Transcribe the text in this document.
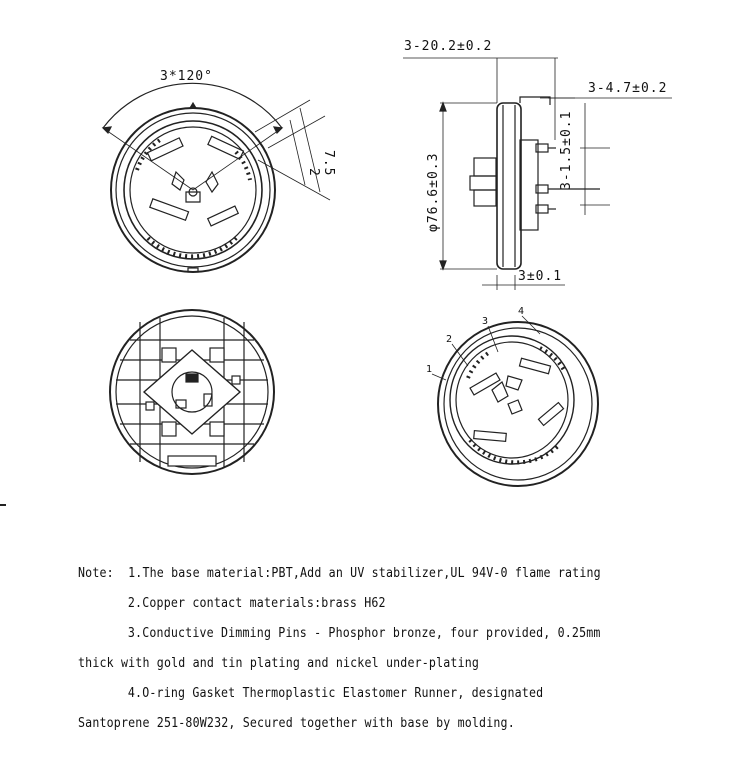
3*120°
7.5
2
3-20.2±0.2
3-4.7±0.2
3-1.5±0.1
φ76.6±0.3
3±0.1
1
2
3
4
Note: 1.The base material:PBT,Add an UV stabilizer,UL 94V-0 flame rating
2.Copper contact materials:brass H62
3.Conductive Dimming Pins - Phosphor bronze, four provided, 0.25mm
thick with gold and tin plating and nickel under-plating
4.O-ring Gasket Thermoplastic Elastomer Runner, designated
Santoprene 251-80W232, Secured together with base by molding.
